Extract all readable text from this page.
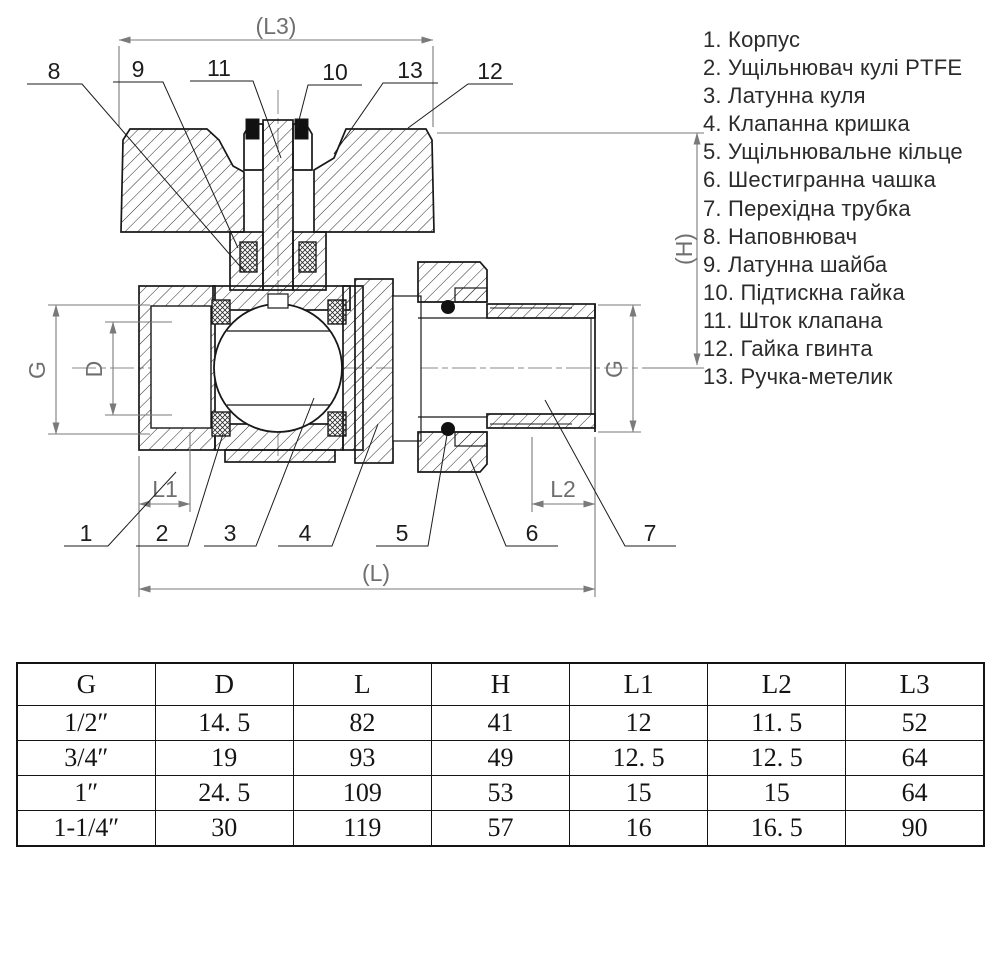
(L3)
(H)
G D	G
L1	L2
(L)
8	9	11	10 13 12
1	2 3	4	5	6	7
1. Корпус
2. Ущільнювач кулі PTFE
3. Латунна куля
4. Клапанна кришка
5. Ущільнювальне кільце
6. Шестигранна чашка
7. Перехідна трубка
8. Наповнювач
9. Латунна шайба
10. Підтискна гайка
11. Шток клапана
12. Гайка гвинта
13. Ручка-метелик
G	D	L	H	L1	L2	L3
1/2″	14. 5	82	41	12	11. 5	52
3/4″	19	93	49	12. 5	12. 5	64
1″	24. 5	109	53	15	15	64
1-1/4″	30	119	57	16	16. 5	90
